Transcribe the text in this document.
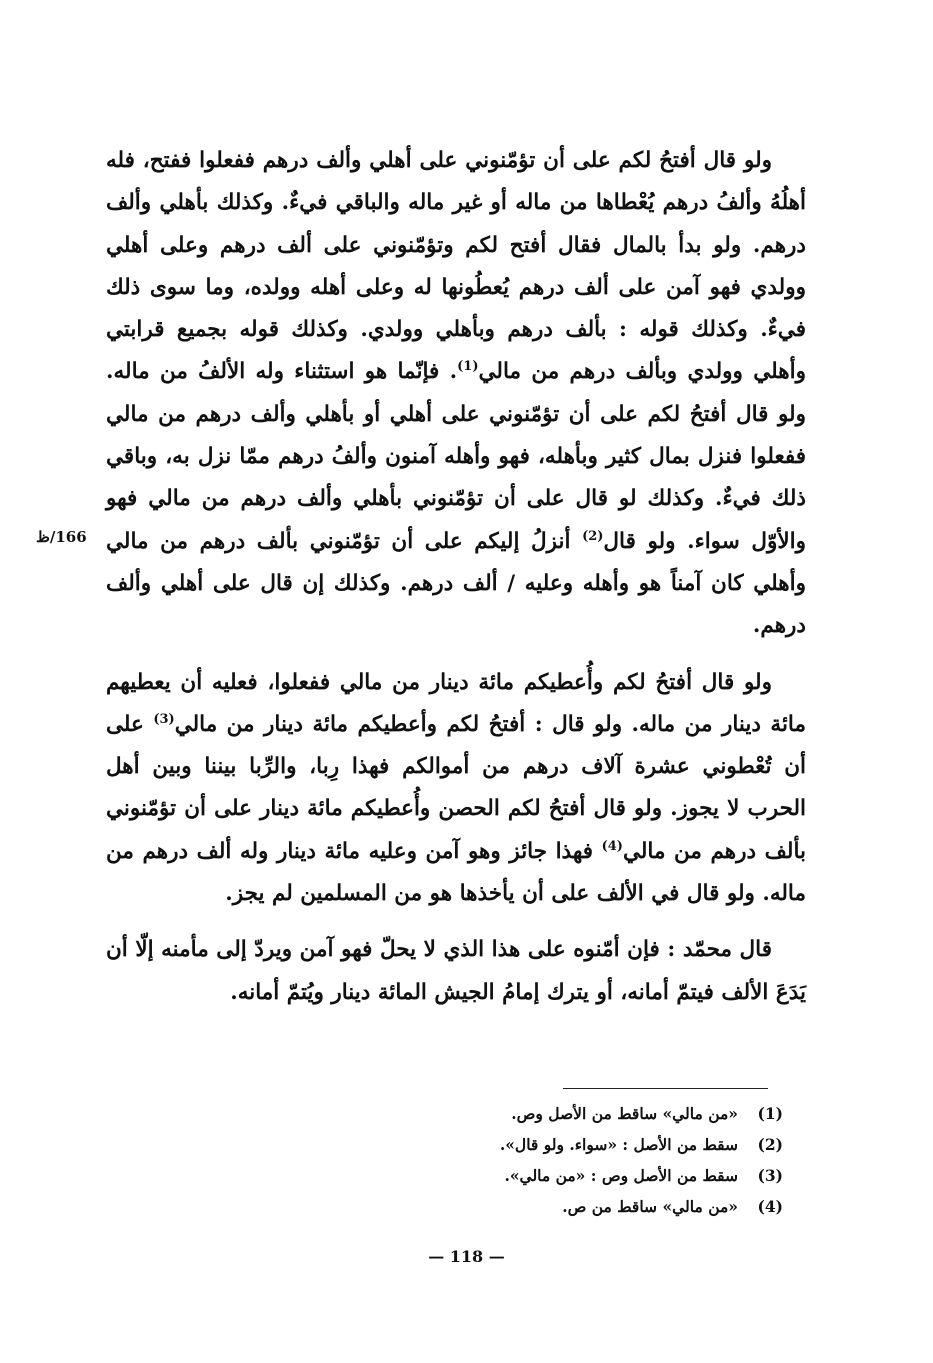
166/ظ

ولو قال أفتحُ لكم على أن تؤمّنوني على أهلي وألف درهم ففعلوا ففتح، فله أهلُهُ وألفُ درهم يُعْطاها من ماله أو غير ماله والباقي فيءٌ. وكذلك بأهلي وألف درهم. ولو بدأ بالمال فقال أفتح لكم وتؤمّنوني على ألف درهم وعلى أهلي وولدي فهو آمن على ألف درهم يُعطُونها له وعلى أهله وولده، وما سوى ذلك فيءٌ. وكذلك قوله : بألف درهم وبأهلي وولدي. وكذلك قوله بجميع قرابتي وأهلي وولدي وبألف درهم من مالي$^{(1)}$. فإنّما هو استثناء وله الألفُ من ماله. ولو قال أفتحُ لكم على أن تؤمّنوني على أهلي أو بأهلي وألف درهم من مالي ففعلوا فنزل بمال كثير وبأهله، فهو وأهله آمنون وألفُ درهم ممّا نزل به، وباقي ذلك فيءٌ. وكذلك لو قال على أن تؤمّنوني بأهلي وألف درهم من مالي فهو والأوّل سواء. ولو قال$^{(2)}$ أنزلُ إليكم على أن تؤمّنوني بألف درهم من مالي وأهلي كان آمناً هو وأهله وعليه / ألف درهم. وكذلك إن قال على أهلي وألف درهم.

ولو قال أفتحُ لكم وأُعطيكم مائة دينار من مالي ففعلوا، فعليه أن يعطيهم مائة دينار من ماله. ولو قال : أفتحُ لكم وأعطيكم مائة دينار من مالي$^{(3)}$ على أن تُعْطوني عشرة آلاف درهم من أموالكم فهذا رِبا، والرِّبا بيننا وبين أهل الحرب لا يجوز. ولو قال أفتحُ لكم الحصن وأُعطيكم مائة دينار على أن تؤمّنوني بألف درهم من مالي$^{(4)}$ فهذا جائز وهو آمن وعليه مائة دينار وله ألف درهم من ماله. ولو قال في الألف على أن يأخذها هو من المسلمين لم يجز.

قال محمّد : فإن أمّنوه على هذا الذي لا يحلّ فهو آمن ويردّ إلى مأمنه إلّا أن يَدَعَ الألف فيتمّ أمانه، أو يترك إمامُ الجيش المائة دينار ويُتمّ أمانه.

(1)
«من مالي» ساقط من الأصل وص.
(2)
سقط من الأصل : «سواء. ولو قال».
(3)
سقط من الأصل وص : «من مالي».
(4)
«من مالي» ساقط من ص.
— 118 —
